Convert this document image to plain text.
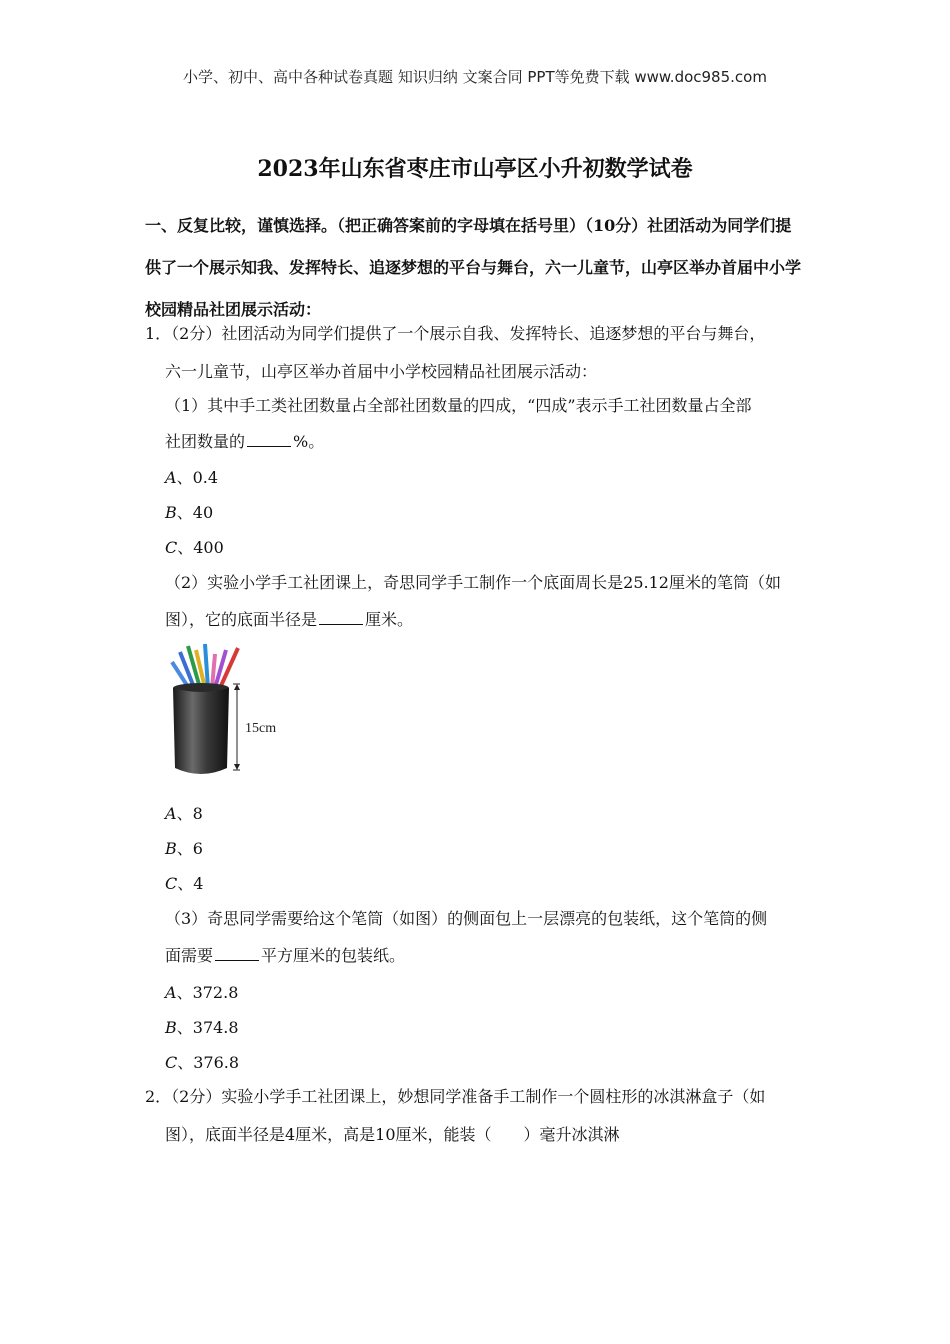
小学、初中、高中各种试卷真题 知识归纳 文案合同 PPT等免费下载 www.doc985.com
2023年山东省枣庄市山亭区小升初数学试卷
一、反复比较，谨慎选择。（把正确答案前的字母填在括号里）（10分）社团活动为同学们提供了一个展示知我、发挥特长、追逐梦想的平台与舞台，六一儿童节，山亭区举办首届中小学校园精品社团展示活动：
1．（2分）社团活动为同学们提供了一个展示自我、发挥特长、追逐梦想的平台与舞台，
六一儿童节，山亭区举办首届中小学校园精品社团展示活动：
（1）其中手工类社团数量占全部社团数量的四成，“四成”表示手工社团数量占全部
社团数量的	%。
A、0.4
B、40
C、400
（2）实验小学手工社团课上，奇思同学手工制作一个底面周长是25.12厘米的笔筒（如
图），它的底面半径是	厘米。
15cm
A、8
B、6
C、4
（3）奇思同学需要给这个笔筒（如图）的侧面包上一层漂亮的包装纸，这个笔筒的侧
面需要	平方厘米的包装纸。
A、372.8
B、374.8
C、376.8
2．（2分）实验小学手工社团课上，妙想同学准备手工制作一个圆柱形的冰淇淋盒子（如
图），底面半径是4厘米，高是10厘米，能装（　　）毫升冰淇淋
